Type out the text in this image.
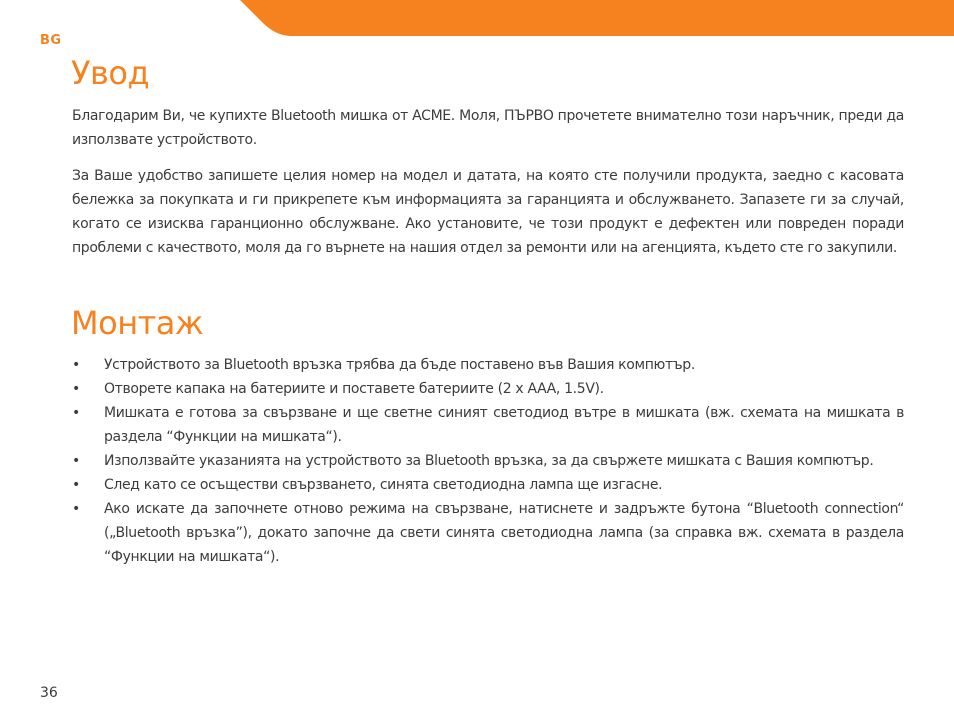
BG
Увод

Благодарим Ви, че купихте Bluetooth мишка от ACME. Моля, ПЪРВО прочетете внимателно този наръчник, преди да използвате устройството.

За Ваше удобство запишете целия номер на модел и датата, на която сте получили продукта, заедно с касовата бележка за покупката и ги прикрепете към информацията за гаранцията и обслужването. Запазете ги за случай, когато се изисква гаранционно обслужване. Ако установите, че този продукт е дефектен или повреден поради проблеми с качеството, моля да го върнете на нашия отдел за ремонти или на агенцията, където сте го закупили.

Монтаж
• Устройството за Bluetooth връзка трябва да бъде поставено във Вашия компютър.
• Отворете капака на батериите и поставете батериите (2 x AAA, 1.5V).
• Мишката е готова за свързване и ще светне синият светодиод вътре в мишката (вж. схемата на мишката в раздела “Функции на мишката“).
• Използвайте указанията на устройството за Bluetooth връзка, за да свържете мишката с Вашия компютър.
• След като се осъществи свързването, синята светодиодна лампа ще изгасне.
• Ако искате да започнете отново режима на свързване, натиснете и задръжте бутона “Bluetooth connection“ („Bluetooth връзка”), докато започне да свети синята светодиодна лампа (за справка вж. схемата в раздела “Функции на мишката“).
36
